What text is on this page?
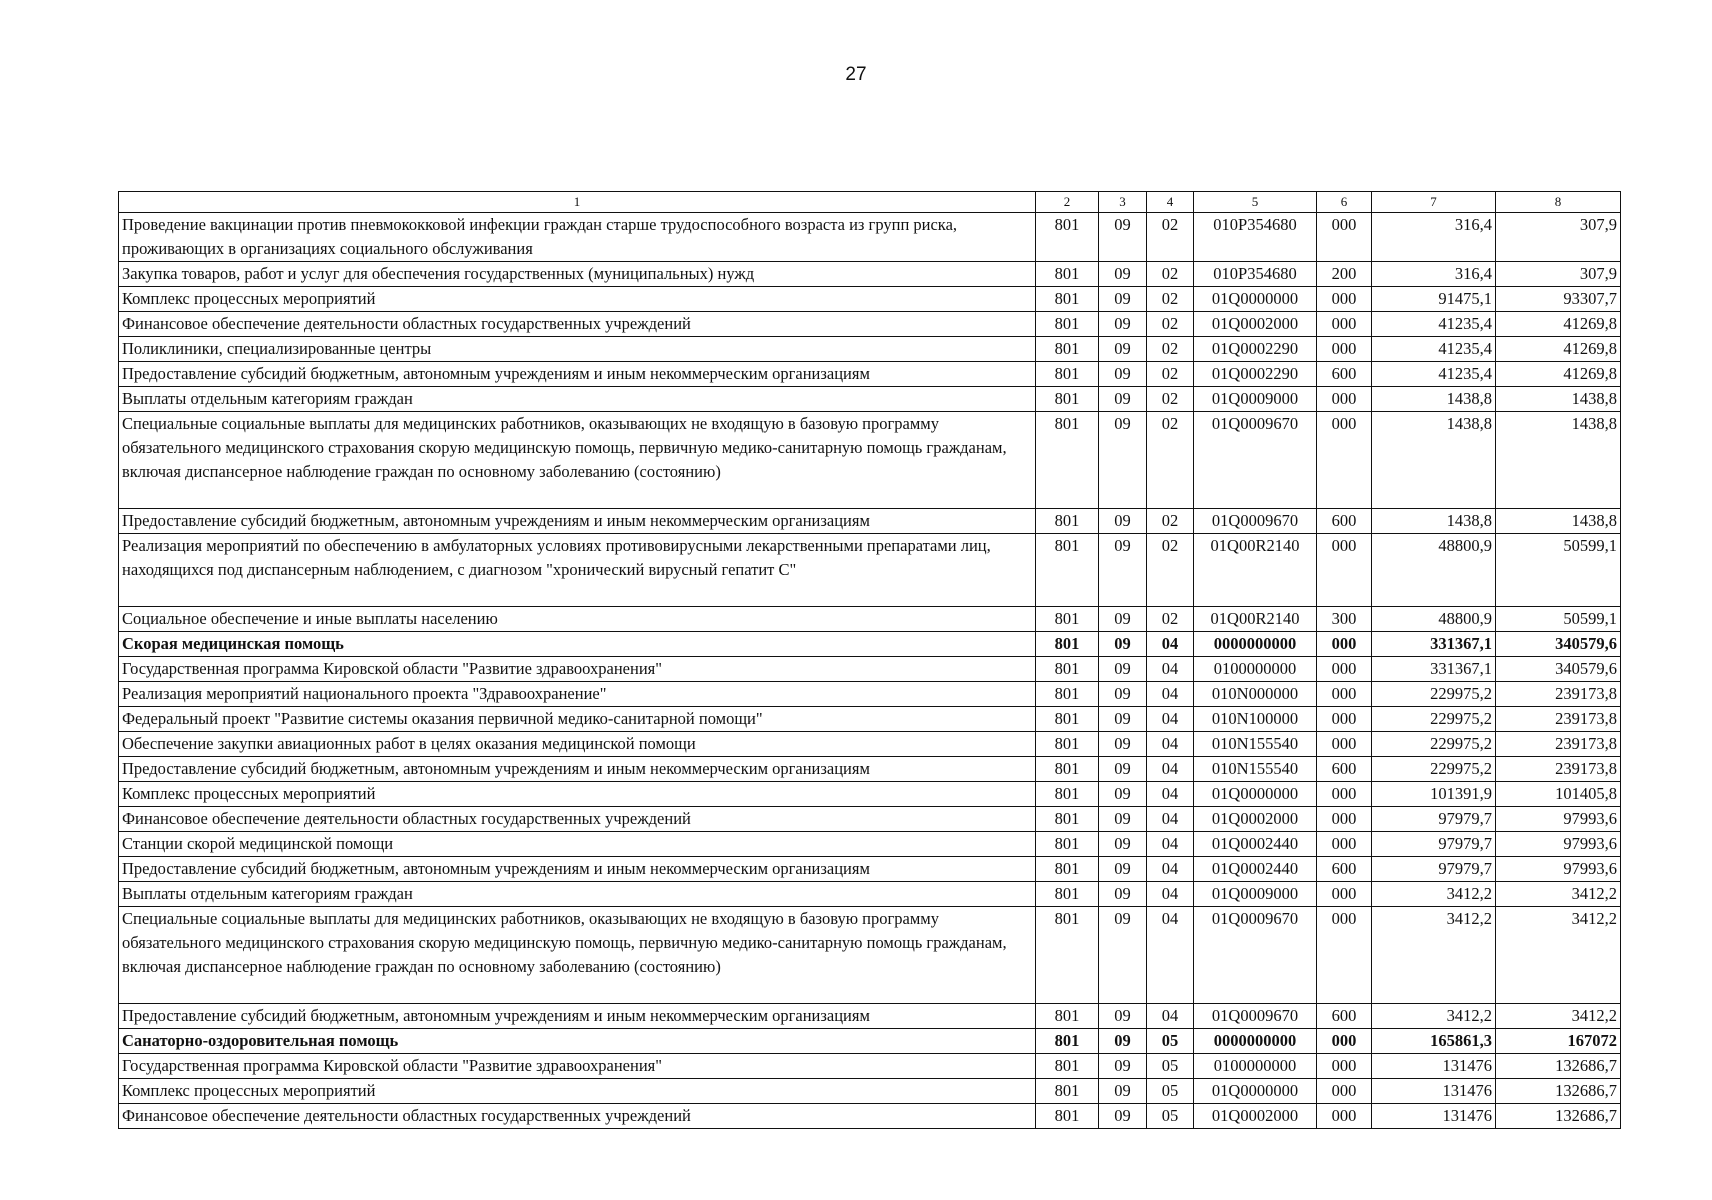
27
1	2	3	4	5	6	7	8
Проведение вакцинации против пневмококковой инфекции граждан старше трудоспособного возраста из групп риска, проживающих в организациях социального обслуживания	801	09	02	010P354680	000	316,4	307,9
Закупка товаров, работ и услуг для обеспечения государственных (муниципальных) нужд	801	09	02	010P354680	200	316,4	307,9
Комплекс процессных мероприятий	801	09	02	01Q0000000	000	91475,1	93307,7
Финансовое обеспечение деятельности областных государственных учреждений	801	09	02	01Q0002000	000	41235,4	41269,8
Поликлиники, специализированные центры	801	09	02	01Q0002290	000	41235,4	41269,8
Предоставление субсидий бюджетным, автономным учреждениям и иным некоммерческим организациям	801	09	02	01Q0002290	600	41235,4	41269,8
Выплаты отдельным категориям граждан	801	09	02	01Q0009000	000	1438,8	1438,8
Специальные социальные выплаты для медицинских работников, оказывающих не входящую в базовую программу обязательного медицинского страхования скорую медицинскую помощь, первичную медико-санитарную помощь гражданам, включая диспансерное наблюдение граждан по основному заболеванию (состоянию)	801	09	02	01Q0009670	000	1438,8	1438,8
Предоставление субсидий бюджетным, автономным учреждениям и иным некоммерческим организациям	801	09	02	01Q0009670	600	1438,8	1438,8
Реализация мероприятий по обеспечению в амбулаторных условиях противовирусными лекарственными препаратами лиц, находящихся под диспансерным наблюдением, с диагнозом "хронический вирусный гепатит С"	801	09	02	01Q00R2140	000	48800,9	50599,1
Социальное обеспечение и иные выплаты населению	801	09	02	01Q00R2140	300	48800,9	50599,1
Скорая медицинская помощь	801	09	04	0000000000	000	331367,1	340579,6
Государственная программа Кировской области "Развитие здравоохранения"	801	09	04	0100000000	000	331367,1	340579,6
Реализация мероприятий национального проекта "Здравоохранение"	801	09	04	010N000000	000	229975,2	239173,8
Федеральный проект "Развитие системы оказания первичной медико-санитарной помощи"	801	09	04	010N100000	000	229975,2	239173,8
Обеспечение закупки авиационных работ в целях оказания медицинской помощи	801	09	04	010N155540	000	229975,2	239173,8
Предоставление субсидий бюджетным, автономным учреждениям и иным некоммерческим организациям	801	09	04	010N155540	600	229975,2	239173,8
Комплекс процессных мероприятий	801	09	04	01Q0000000	000	101391,9	101405,8
Финансовое обеспечение деятельности областных государственных учреждений	801	09	04	01Q0002000	000	97979,7	97993,6
Станции скорой медицинской помощи	801	09	04	01Q0002440	000	97979,7	97993,6
Предоставление субсидий бюджетным, автономным учреждениям и иным некоммерческим организациям	801	09	04	01Q0002440	600	97979,7	97993,6
Выплаты отдельным категориям граждан	801	09	04	01Q0009000	000	3412,2	3412,2
Специальные социальные выплаты для медицинских работников, оказывающих не входящую в базовую программу обязательного медицинского страхования скорую медицинскую помощь, первичную медико-санитарную помощь гражданам, включая диспансерное наблюдение граждан по основному заболеванию (состоянию)	801	09	04	01Q0009670	000	3412,2	3412,2
Предоставление субсидий бюджетным, автономным учреждениям и иным некоммерческим организациям	801	09	04	01Q0009670	600	3412,2	3412,2
Санаторно-оздоровительная помощь	801	09	05	0000000000	000	165861,3	167072
Государственная программа Кировской области "Развитие здравоохранения"	801	09	05	0100000000	000	131476	132686,7
Комплекс процессных мероприятий	801	09	05	01Q0000000	000	131476	132686,7
Финансовое обеспечение деятельности областных государственных учреждений	801	09	05	01Q0002000	000	131476	132686,7
